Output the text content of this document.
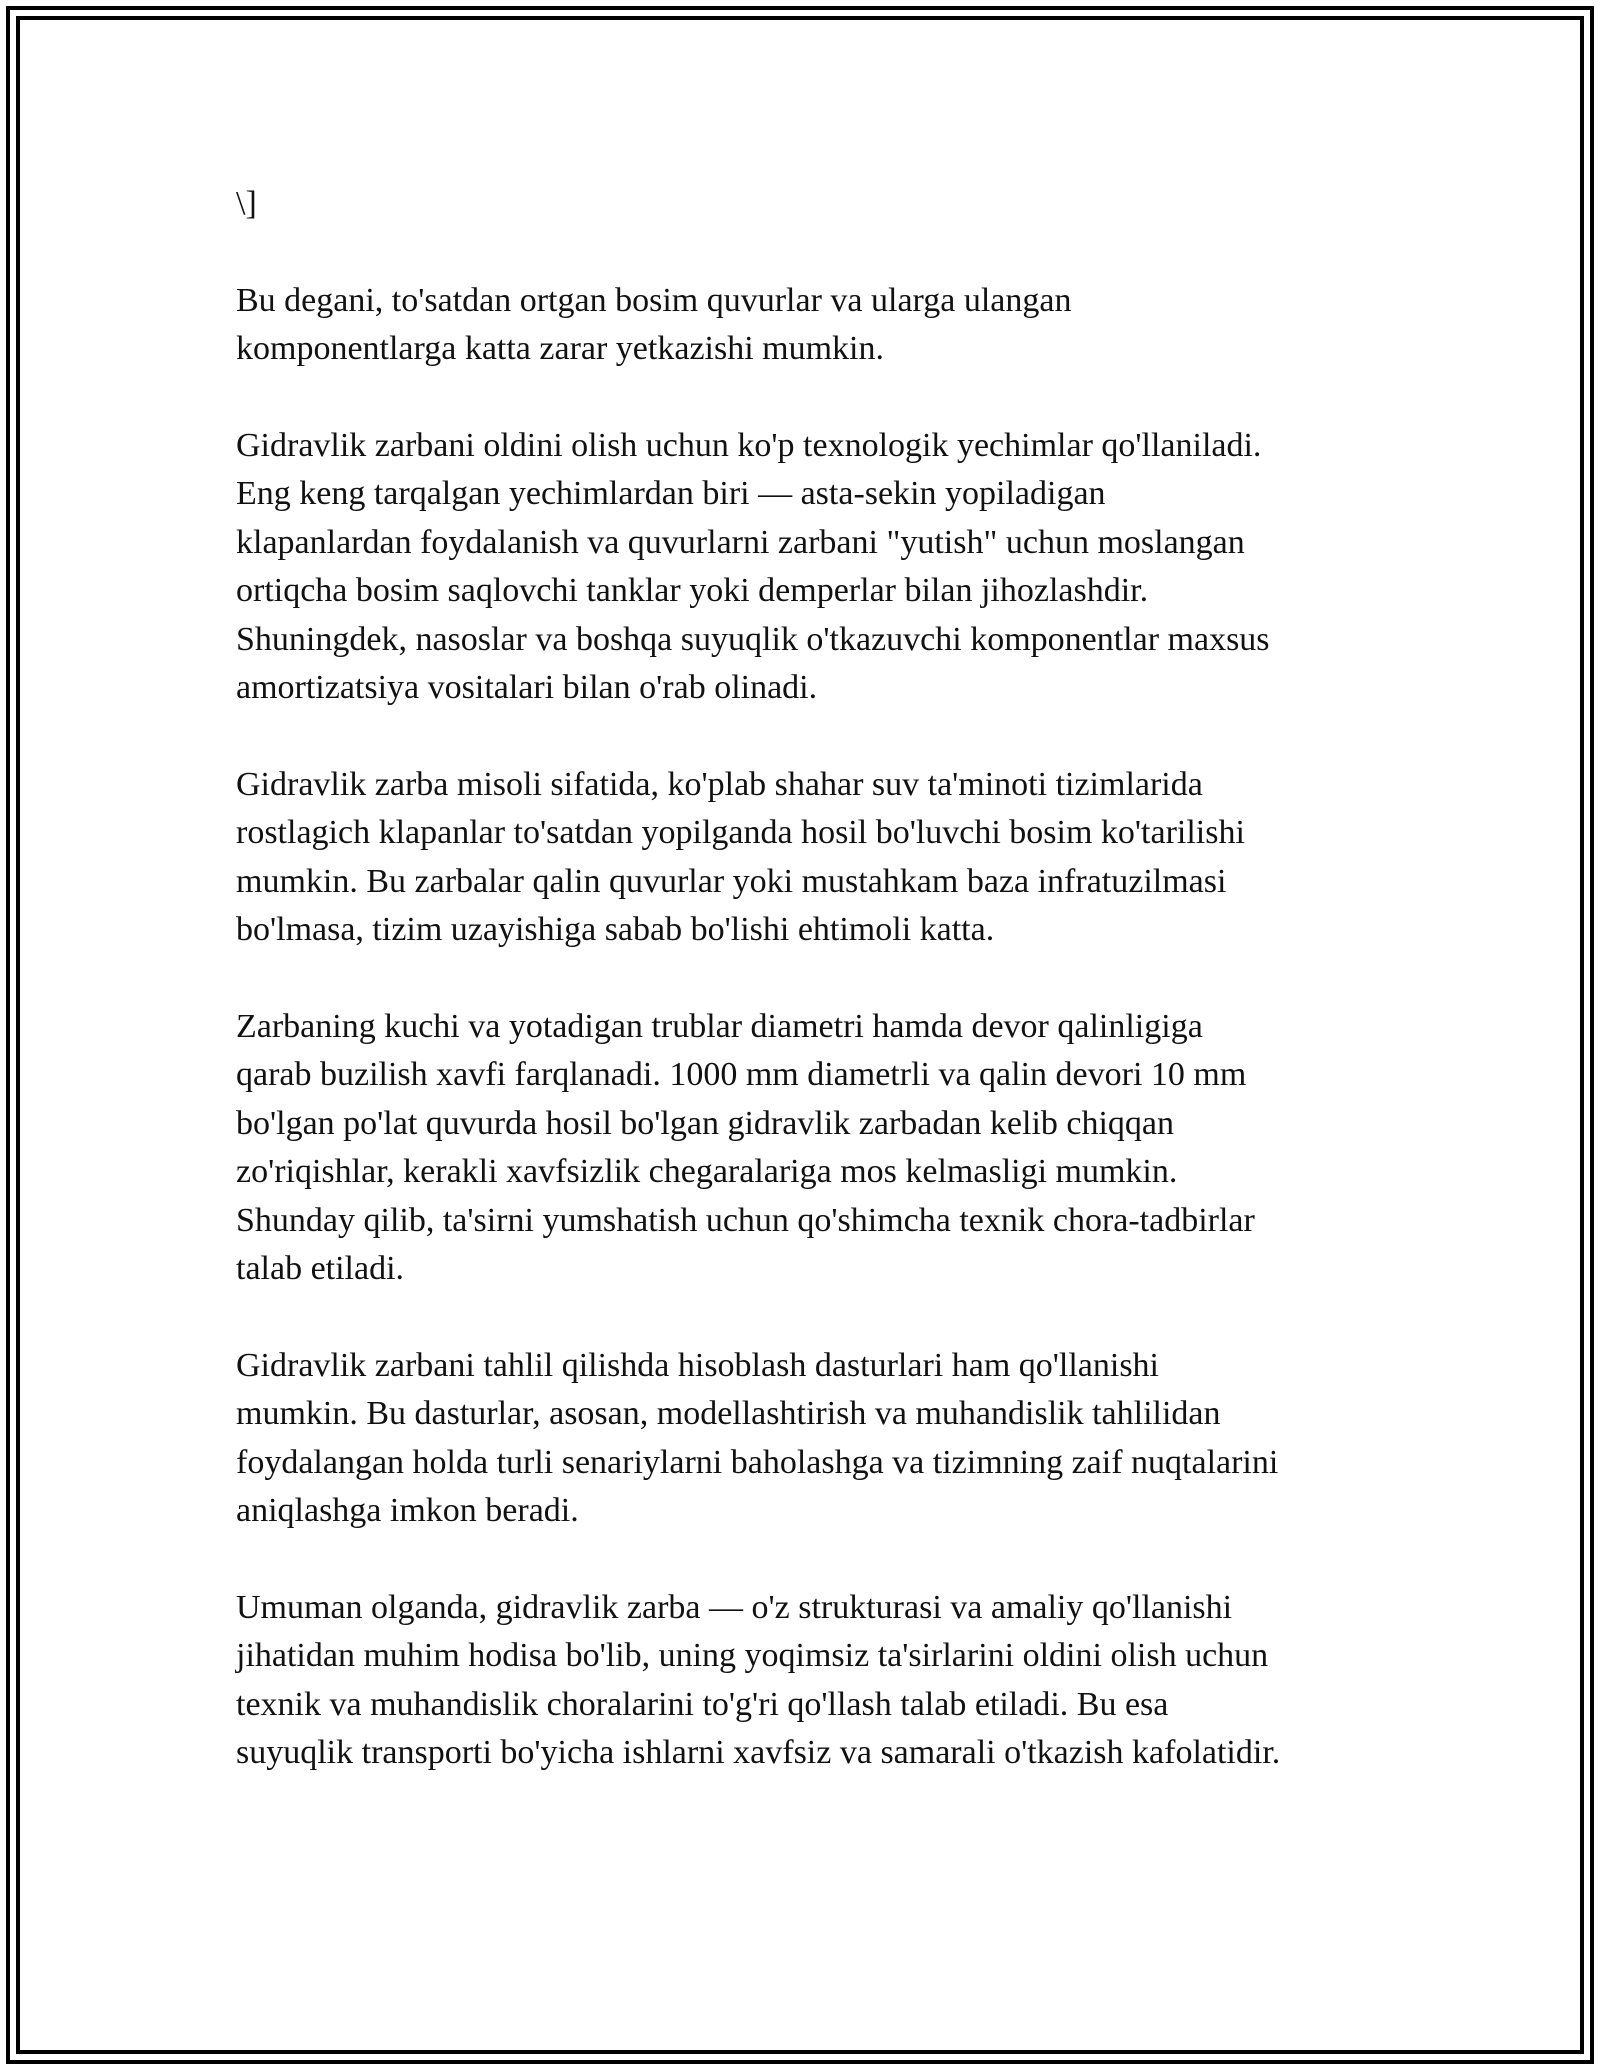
\]

Bu degani, to'satdan ortgan bosim quvurlar va ularga ulangan
komponentlarga katta zarar yetkazishi mumkin.

Gidravlik zarbani oldini olish uchun ko'p texnologik yechimlar qo'llaniladi.
Eng keng tarqalgan yechimlardan biri — asta-sekin yopiladigan
klapanlardan foydalanish va quvurlarni zarbani "yutish" uchun moslangan
ortiqcha bosim saqlovchi tanklar yoki demperlar bilan jihozlashdir.
Shuningdek, nasoslar va boshqa suyuqlik o'tkazuvchi komponentlar maxsus
amortizatsiya vositalari bilan o'rab olinadi.

Gidravlik zarba misoli sifatida, ko'plab shahar suv ta'minoti tizimlarida
rostlagich klapanlar to'satdan yopilganda hosil bo'luvchi bosim ko'tarilishi
mumkin. Bu zarbalar qalin quvurlar yoki mustahkam baza infratuzilmasi
bo'lmasa, tizim uzayishiga sabab bo'lishi ehtimoli katta.

Zarbaning kuchi va yotadigan trublar diametri hamda devor qalinligiga
qarab buzilish xavfi farqlanadi. 1000 mm diametrli va qalin devori 10 mm
bo'lgan po'lat quvurda hosil bo'lgan gidravlik zarbadan kelib chiqqan
zo'riqishlar, kerakli xavfsizlik chegaralariga mos kelmasligi mumkin.
Shunday qilib, ta'sirni yumshatish uchun qo'shimcha texnik chora-tadbirlar
talab etiladi.

Gidravlik zarbani tahlil qilishda hisoblash dasturlari ham qo'llanishi
mumkin. Bu dasturlar, asosan, modellashtirish va muhandislik tahlilidan
foydalangan holda turli senariylarni baholashga va tizimning zaif nuqtalarini
aniqlashga imkon beradi.

Umuman olganda, gidravlik zarba — o'z strukturasi va amaliy qo'llanishi
jihatidan muhim hodisa bo'lib, uning yoqimsiz ta'sirlarini oldini olish uchun
texnik va muhandislik choralarini to'g'ri qo'llash talab etiladi. Bu esa
suyuqlik transporti bo'yicha ishlarni xavfsiz va samarali o'tkazish kafolatidir.
